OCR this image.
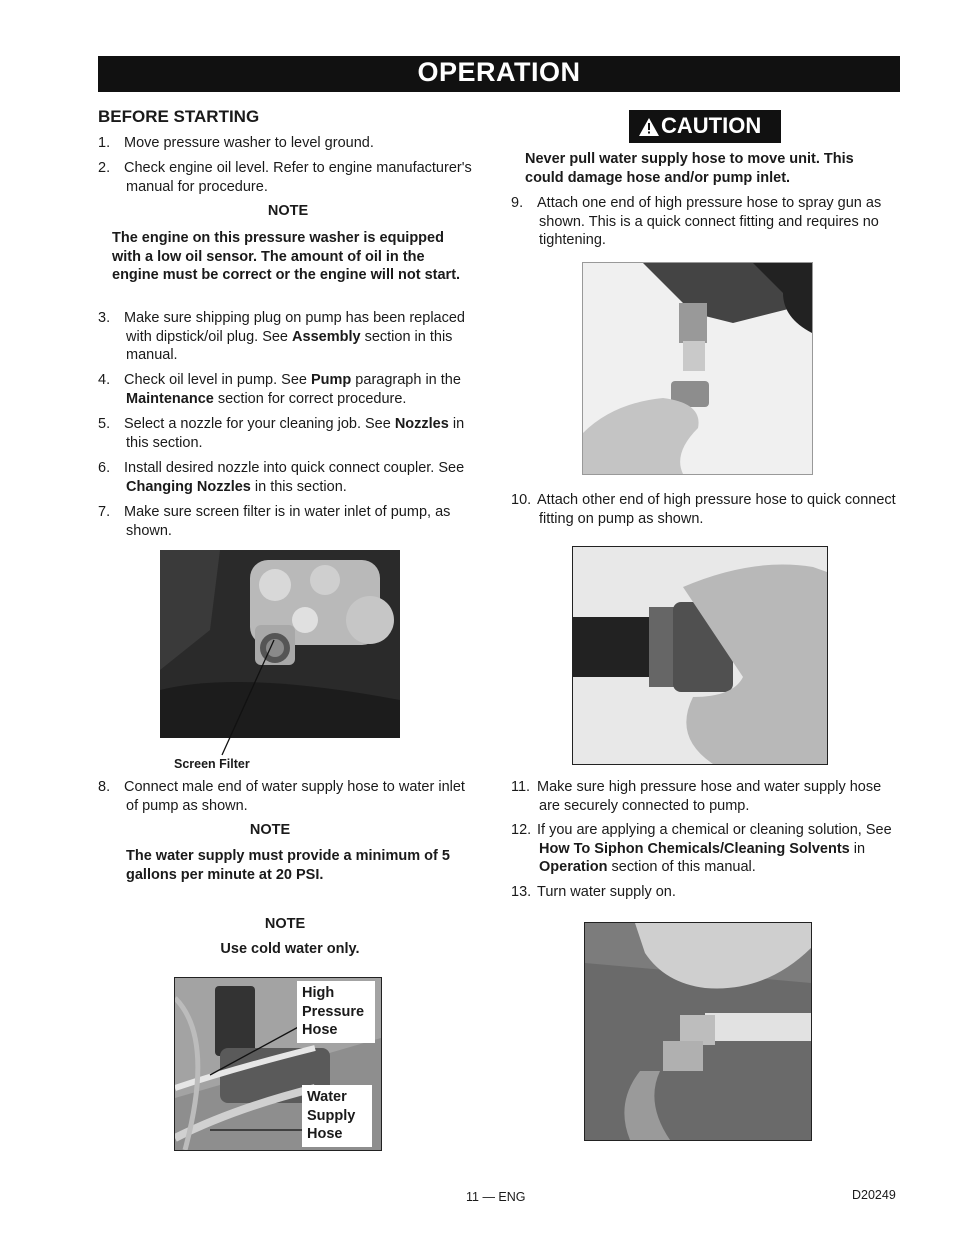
OPERATION
BEFORE STARTING
1. Move pressure washer to level ground.
2. Check engine oil level. Refer to engine manufacturer's manual for procedure.
NOTE
The engine on this pressure washer is equipped with a low oil sensor. The amount of oil in the engine must be correct or the engine will not start.
3. Make sure shipping plug on pump has been replaced with dipstick/oil plug. See Assembly section in this manual.
4. Check oil level in pump. See Pump paragraph in the Maintenance section for correct procedure.
5. Select a nozzle for your cleaning job. See Nozzles in this section.
6. Install desired nozzle into quick connect coupler. See Changing Nozzles in this section.
7. Make sure screen filter is in water inlet of pump, as shown.
Screen Filter
8. Connect male end of water supply hose to water inlet of pump as shown.
NOTE
The water supply must provide a minimum of 5 gallons per minute at 20 PSI.
NOTE
Use cold water only.
High Pressure Hose
Water Supply Hose
CAUTION
Never pull water supply hose to move unit. This could damage hose and/or pump inlet.
9. Attach one end of high pressure hose to spray gun as shown. This is a quick connect fitting and requires no tightening.
10. Attach other end of high pressure hose to quick connect fitting on pump as shown.
11. Make sure high pressure hose and water supply hose are securely connected to pump.
12. If you are applying a chemical or cleaning solution, See How To Siphon Chemicals/Cleaning Solvents in Operation section of this manual.
13. Turn water supply on.
11 — ENG	D20249
